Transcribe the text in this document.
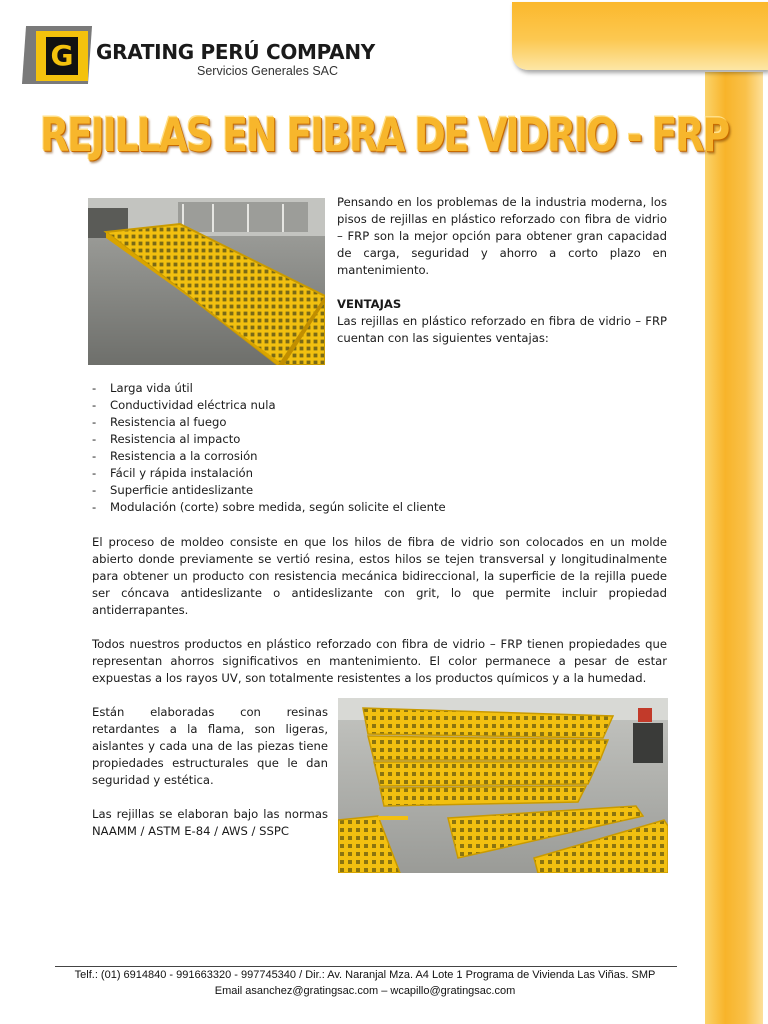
G GRATING PERÚ COMPANY
Servicios Generales SAC
REJILLAS EN FIBRA DE VIDRIO - FRP
Pensando en los problemas de la industria moderna, los pisos de rejillas en plástico reforzado con fibra de vidrio – FRP son la mejor opción para obtener gran capacidad de carga, seguridad y ahorro a corto plazo en mantenimiento.
VENTAJAS
Las rejillas en plástico reforzado en fibra de vidrio – FRP cuentan con las siguientes ventajas:
- Larga vida útil
- Conductividad eléctrica nula
- Resistencia al fuego
- Resistencia al impacto
- Resistencia a la corrosión
- Fácil y rápida instalación
- Superficie antideslizante
- Modulación (corte) sobre medida, según solicite el cliente
El proceso de moldeo consiste en que los hilos de fibra de vidrio son colocados en un molde abierto donde previamente se vertió resina, estos hilos se tejen transversal y longitudinalmente para obtener un producto con resistencia mecánica bidireccional, la superficie de la rejilla puede ser cóncava antideslizante o antideslizante con grit, lo que permite incluir propiedad antiderrapantes.
Todos nuestros productos en plástico reforzado con fibra de vidrio – FRP tienen propiedades que representan ahorros significativos en mantenimiento. El color permanece a pesar de estar expuestas a los rayos UV, son totalmente resistentes a los productos químicos y a la humedad.
Están elaboradas con resinas retardantes a la flama, son ligeras, aislantes y cada una de las piezas tiene propiedades estructurales que le dan seguridad y estética.
Las rejillas se elaboran bajo las normas NAAMM / ASTM E-84 / AWS / SSPC
Telf.: (01) 6914840 - 991663320 - 997745340 / Dir.: Av. Naranjal Mza. A4 Lote 1 Programa de Vivienda Las Viñas. SMP
Email asanchez@gratingsac.com – wcapillo@gratingsac.com
